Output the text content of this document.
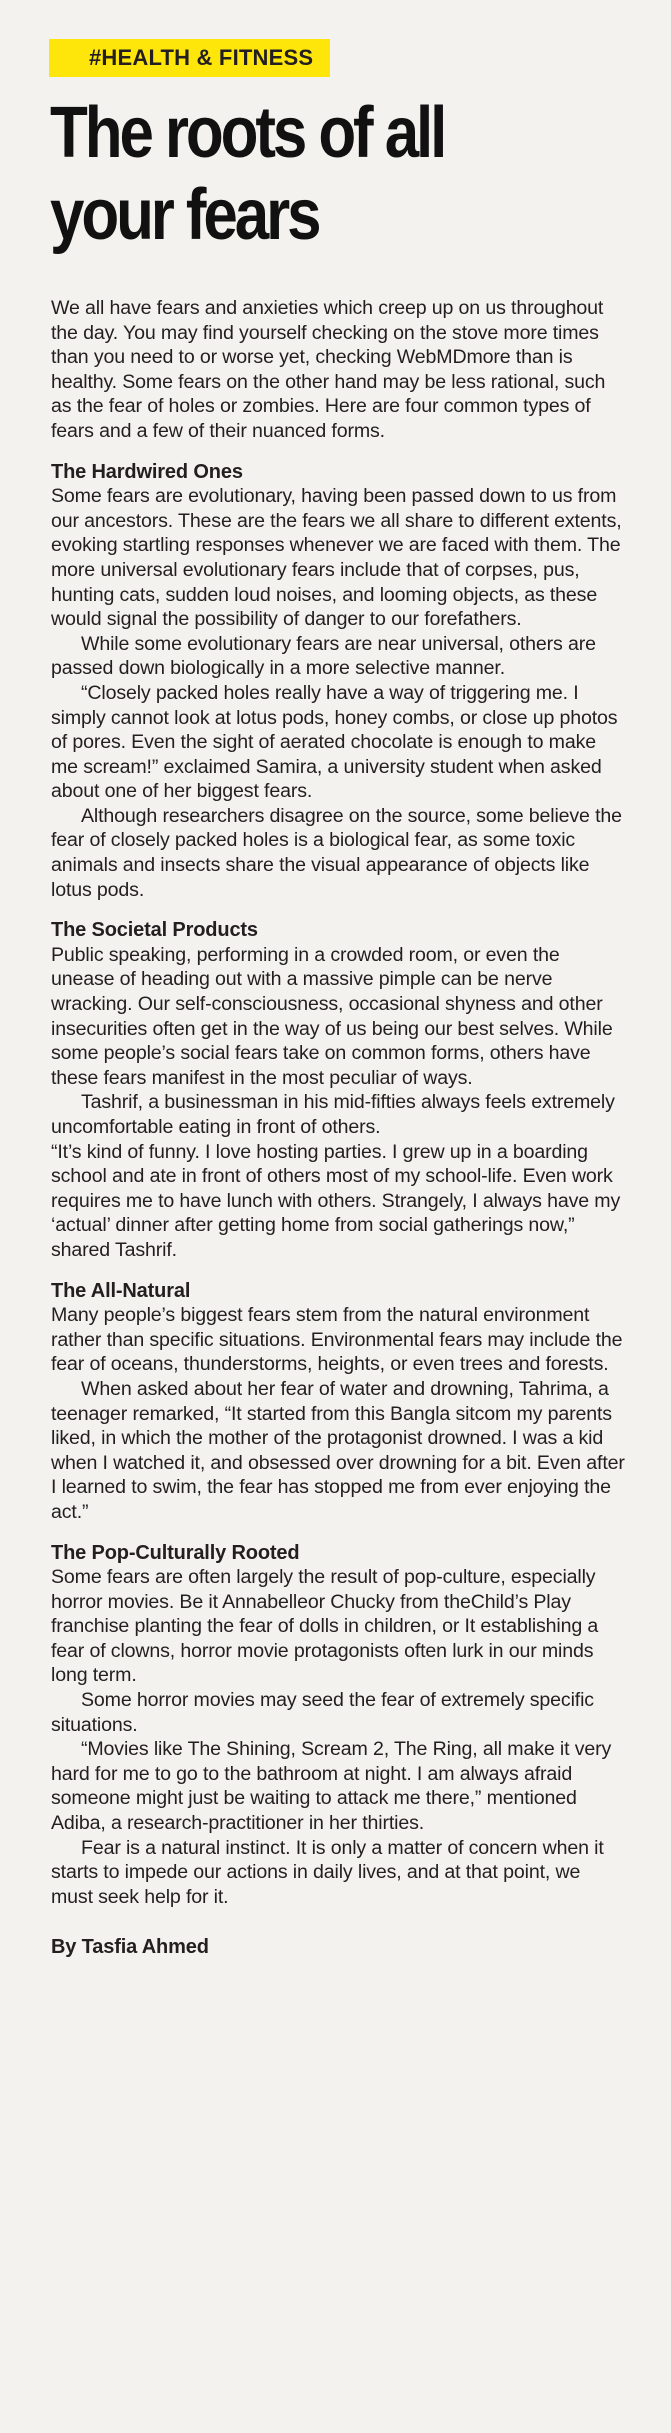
#HEALTH & FITNESS
The roots of all
your fears

We all have fears and anxieties which creep up on us throughout the day. You may find yourself checking on the stove more times than you need to or worse yet, checking WebMDmore than is healthy. Some fears on the other hand may be less rational, such as the fear of holes or zombies. Here are four common types of fears and a few of their nuanced forms.

The Hardwired Ones

Some fears are evolutionary, having been passed down to us from our ancestors. These are the fears we all share to different extents, evoking startling responses whenever we are faced with them. The more universal evolutionary fears include that of corpses, pus, hunting cats, sudden loud noises, and looming objects, as these would signal the possibility of danger to our forefathers.

While some evolutionary fears are near universal, others are passed down biologically in a more selective manner.

“Closely packed holes really have a way of triggering me. I simply cannot look at lotus pods, honey combs, or close up photos of pores. Even the sight of aerated chocolate is enough to make me scream!” exclaimed Samira, a university student when asked about one of her biggest fears.

Although researchers disagree on the source, some believe the fear of closely packed holes is a biological fear, as some toxic animals and insects share the visual appearance of objects like lotus pods.

The Societal Products

Public speaking, performing in a crowded room, or even the unease of heading out with a massive pimple can be nerve wracking. Our self-consciousness, occasional shyness and other insecurities often get in the way of us being our best selves. While some people’s social fears take on common forms, others have these fears manifest in the most peculiar of ways.

Tashrif, a businessman in his mid-fifties always feels extremely uncomfortable eating in front of others.

“It’s kind of funny. I love hosting parties. I grew up in a boarding school and ate in front of others most of my school-life. Even work requires me to have lunch with others. Strangely, I always have my ‘actual’ dinner after getting home from social gatherings now,” shared Tashrif.

The All-Natural

Many people’s biggest fears stem from the natural environment rather than specific situations. Environmental fears may include the fear of oceans, thunderstorms, heights, or even trees and forests.

When asked about her fear of water and drowning, Tahrima, a teenager remarked, “It started from this Bangla sitcom my parents liked, in which the mother of the protagonist drowned. I was a kid when I watched it, and obsessed over drowning for a bit. Even after I learned to swim, the fear has stopped me from ever enjoying the act.”

The Pop-Culturally Rooted

Some fears are often largely the result of pop-culture, especially horror movies. Be it Annabelleor Chucky from theChild’s Play franchise planting the fear of dolls in children, or It establishing a fear of clowns, horror movie protagonists often lurk in our minds long term.

Some horror movies may seed the fear of extremely specific situations.

“Movies like The Shining, Scream 2, The Ring, all make it very hard for me to go to the bathroom at night. I am always afraid someone might just be waiting to attack me there,” mentioned Adiba, a research-practitioner in her thirties.

Fear is a natural instinct. It is only a matter of concern when it starts to impede our actions in daily lives, and at that point, we must seek help for it.

By Tasfia Ahmed
